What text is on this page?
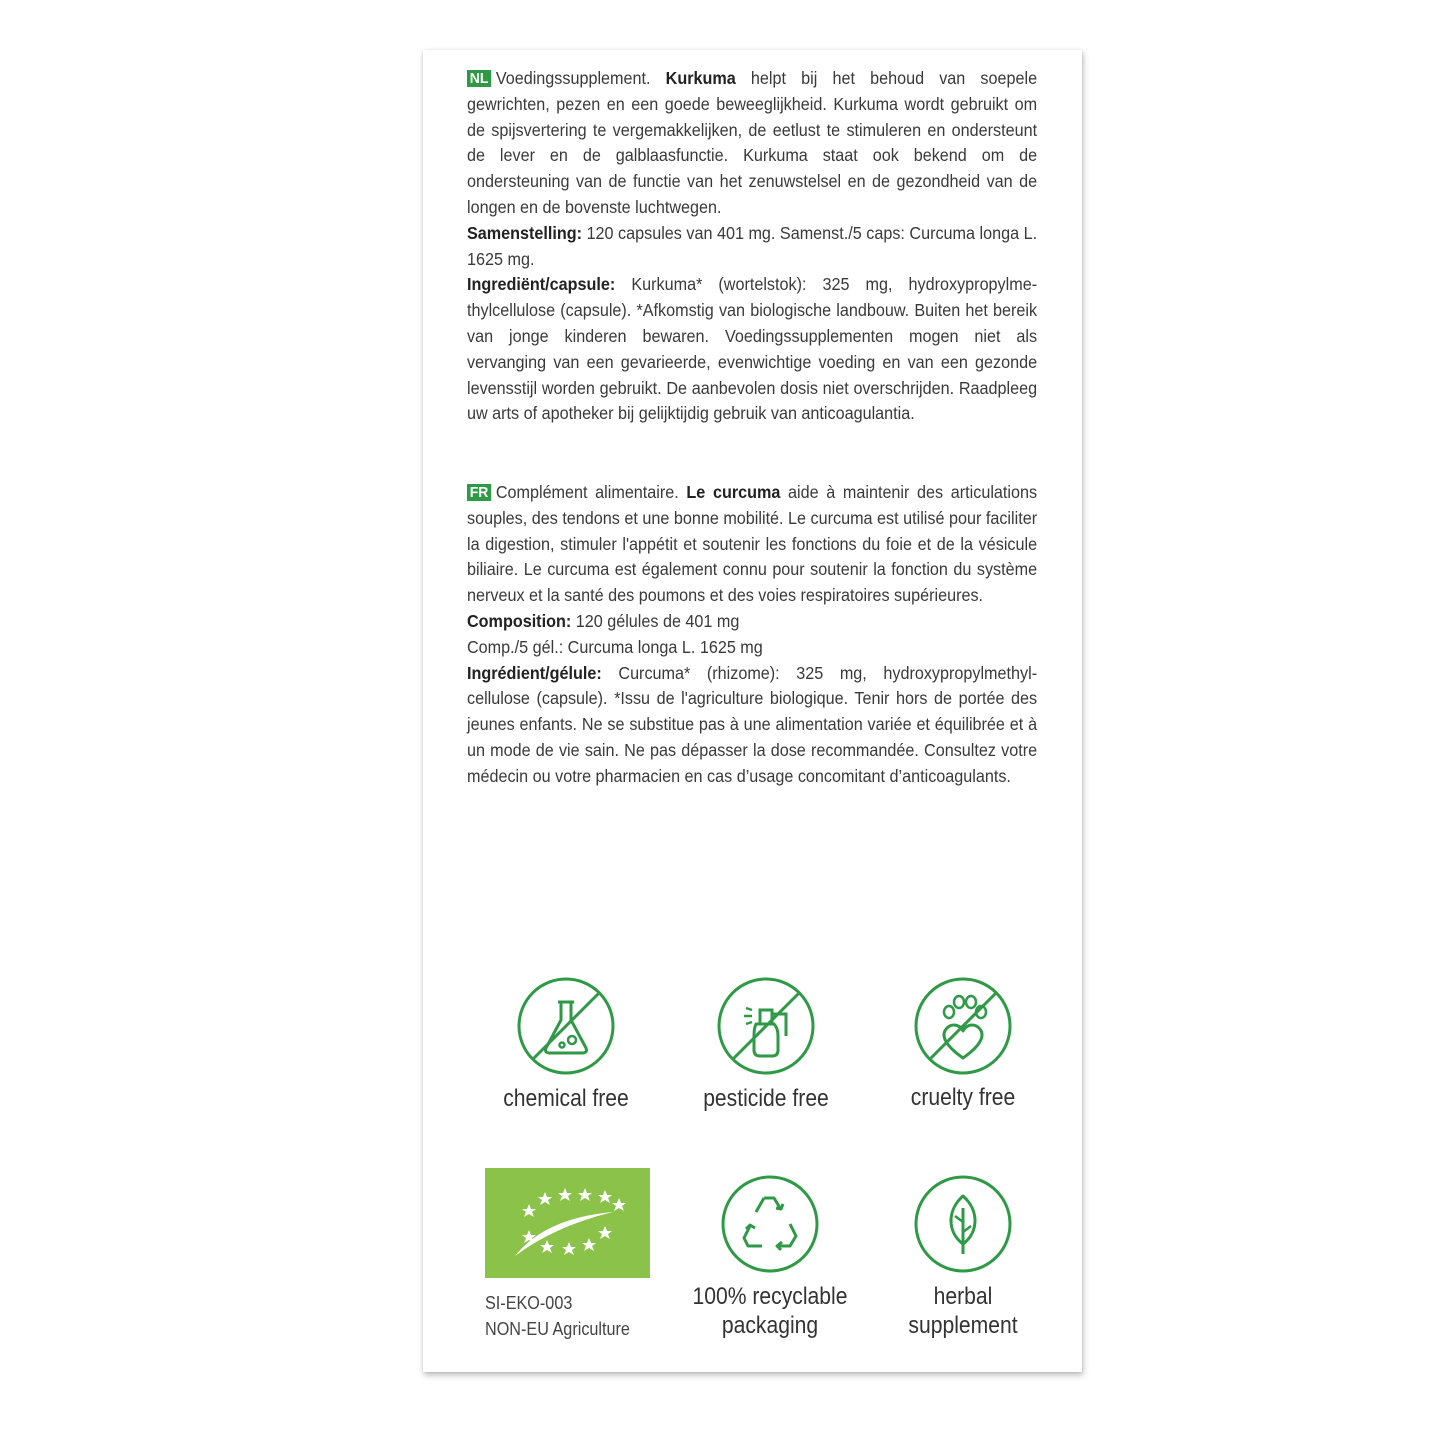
NL Voedingssupplement. Kurkuma helpt bij het behoud van soepele gewrichten, pezen en een goede beweeglijkheid. Kurkuma wordt gebruikt om de spijsvertering te vergemakkelijken, de eetlust te stimuleren en ondersteunt de lever en de galblaasfunctie. Kurkuma staat ook bekend om de ondersteuning van de functie van het zenuwstelsel en de gezondheid van de longen en de bovenste luchtwegen.

Samenstelling: 120 capsules van 401 mg. Samenst./5 caps: Curcuma longa L. 1625 mg.

Ingrediënt/capsule: Kurkuma* (wortelstok): 325 mg, hydroxypropylme-thylcellulose (capsule). *Afkomstig van biologische landbouw. Buiten het bereik van jonge kinderen bewaren. Voedingssupplementen mogen niet als vervanging van een gevarieerde, evenwichtige voeding en van een gezonde levensstijl worden gebruikt. De aanbevolen dosis niet overschrijden. Raadpleeg uw arts of apotheker bij gelijktijdig gebruik van anticoagulantia.

FR Complément alimentaire. Le curcuma aide à maintenir des articulations souples, des tendons et une bonne mobilité. Le curcuma est utilisé pour faciliter la digestion, stimuler l'appétit et soutenir les fonctions du foie et de la vésicule biliaire. Le curcuma est également connu pour soutenir la fonction du système nerveux et la santé des poumons et des voies respiratoires supérieures.

Composition: 120 gélules de 401 mg

Comp./5 gél.: Curcuma longa L. 1625 mg

Ingrédient/gélule: Curcuma* (rhizome): 325 mg, hydroxypropylmethyl-cellulose (capsule). *Issu de l'agriculture biologique. Tenir hors de portée des jeunes enfants. Ne se substitue pas à une alimentation variée et équilibrée et à un mode de vie sain. Ne pas dépasser la dose recommandée. Consultez votre médecin ou votre pharmacien en cas d’usage concomitant d’anticoagulants.

chemical free	pesticide free	cruelty free
SI-EKO-003
NON-EU Agriculture
100% recyclable
packaging
herbal
supplement
